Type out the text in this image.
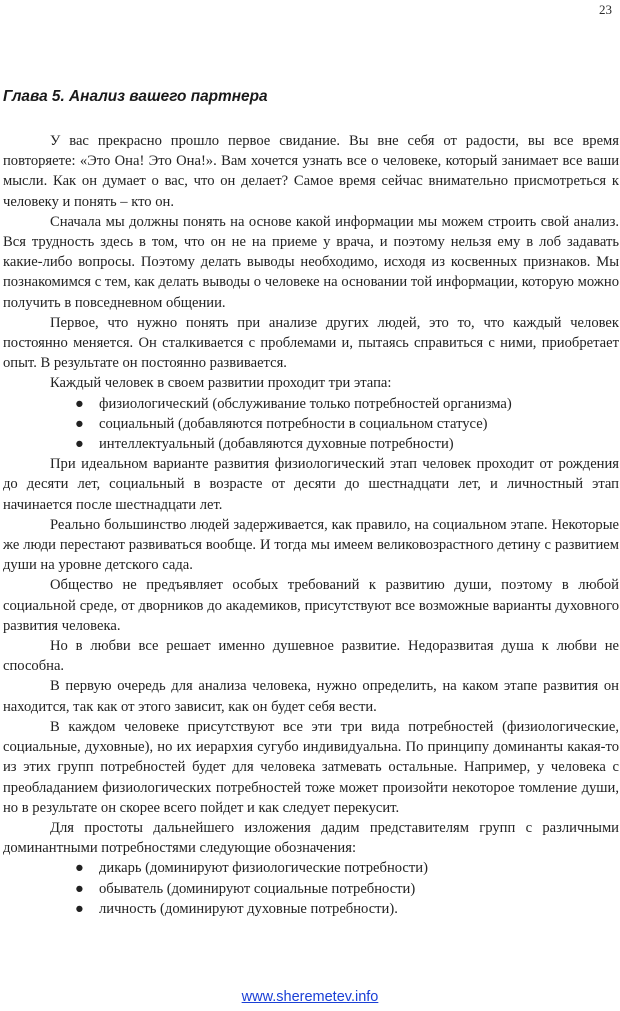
23
Глава 5. Анализ вашего партнера

У вас прекрасно прошло первое свидание. Вы вне себя от радости, вы все время повторяете: «Это Она! Это Она!». Вам хочется узнать все о человеке, который занимает все ваши мысли. Как он думает о вас, что он делает? Самое время сейчас внимательно присмотреться к человеку и понять – кто он.

Сначала мы должны понять на основе какой информации мы можем строить свой анализ. Вся трудность здесь в том, что он не на приеме у врача, и поэтому нельзя ему в лоб задавать какие-либо вопросы. Поэтому делать выводы необходимо, исходя из косвенных признаков. Мы познакомимся с тем, как делать выводы о человеке на основании той информации, которую можно получить в повседневном общении.

Первое, что нужно понять при анализе других людей, это то, что каждый человек постоянно меняется. Он сталкивается с проблемами и, пытаясь справиться с ними, приобретает опыт. В результате он постоянно развивается.

Каждый человек в своем развитии проходит три этапа:

● физиологический (обслуживание только потребностей организма)
● социальный (добавляются потребности в социальном статусе)
● интеллектуальный (добавляются духовные потребности)

При идеальном варианте развития физиологический этап человек проходит от рождения до десяти лет, социальный в возрасте от десяти до шестнадцати лет, и личностный этап начинается после шестнадцати лет.

Реально большинство людей задерживается, как правило, на социальном этапе. Некоторые же люди перестают развиваться вообще. И тогда мы имеем великовозрастного детину с развитием души на уровне детского сада.

Общество не предъявляет особых требований к развитию души, поэтому в любой социальной среде, от дворников до академиков, присутствуют все возможные варианты духовного развития человека.

Но в любви все решает именно душевное развитие. Недоразвитая душа к любви не способна.

В первую очередь для анализа человека, нужно определить, на каком этапе развития он находится, так как от этого зависит, как он будет себя вести.

В каждом человеке присутствуют все эти три вида потребностей (физиологические, социальные, духовные), но их иерархия сугубо индивидуальна. По принципу доминанты какая-то из этих групп потребностей будет для человека затмевать остальные. Например, у человека с преобладанием физиологических потребностей тоже может произойти некоторое томление души, но в результате он скорее всего пойдет и как следует перекусит.

Для простоты дальнейшего изложения дадим представителям групп с различными доминантными потребностями следующие обозначения:

● дикарь (доминируют физиологические потребности)
● обыватель (доминируют социальные потребности)
● личность (доминируют духовные потребности).
www.sheremetev.info
